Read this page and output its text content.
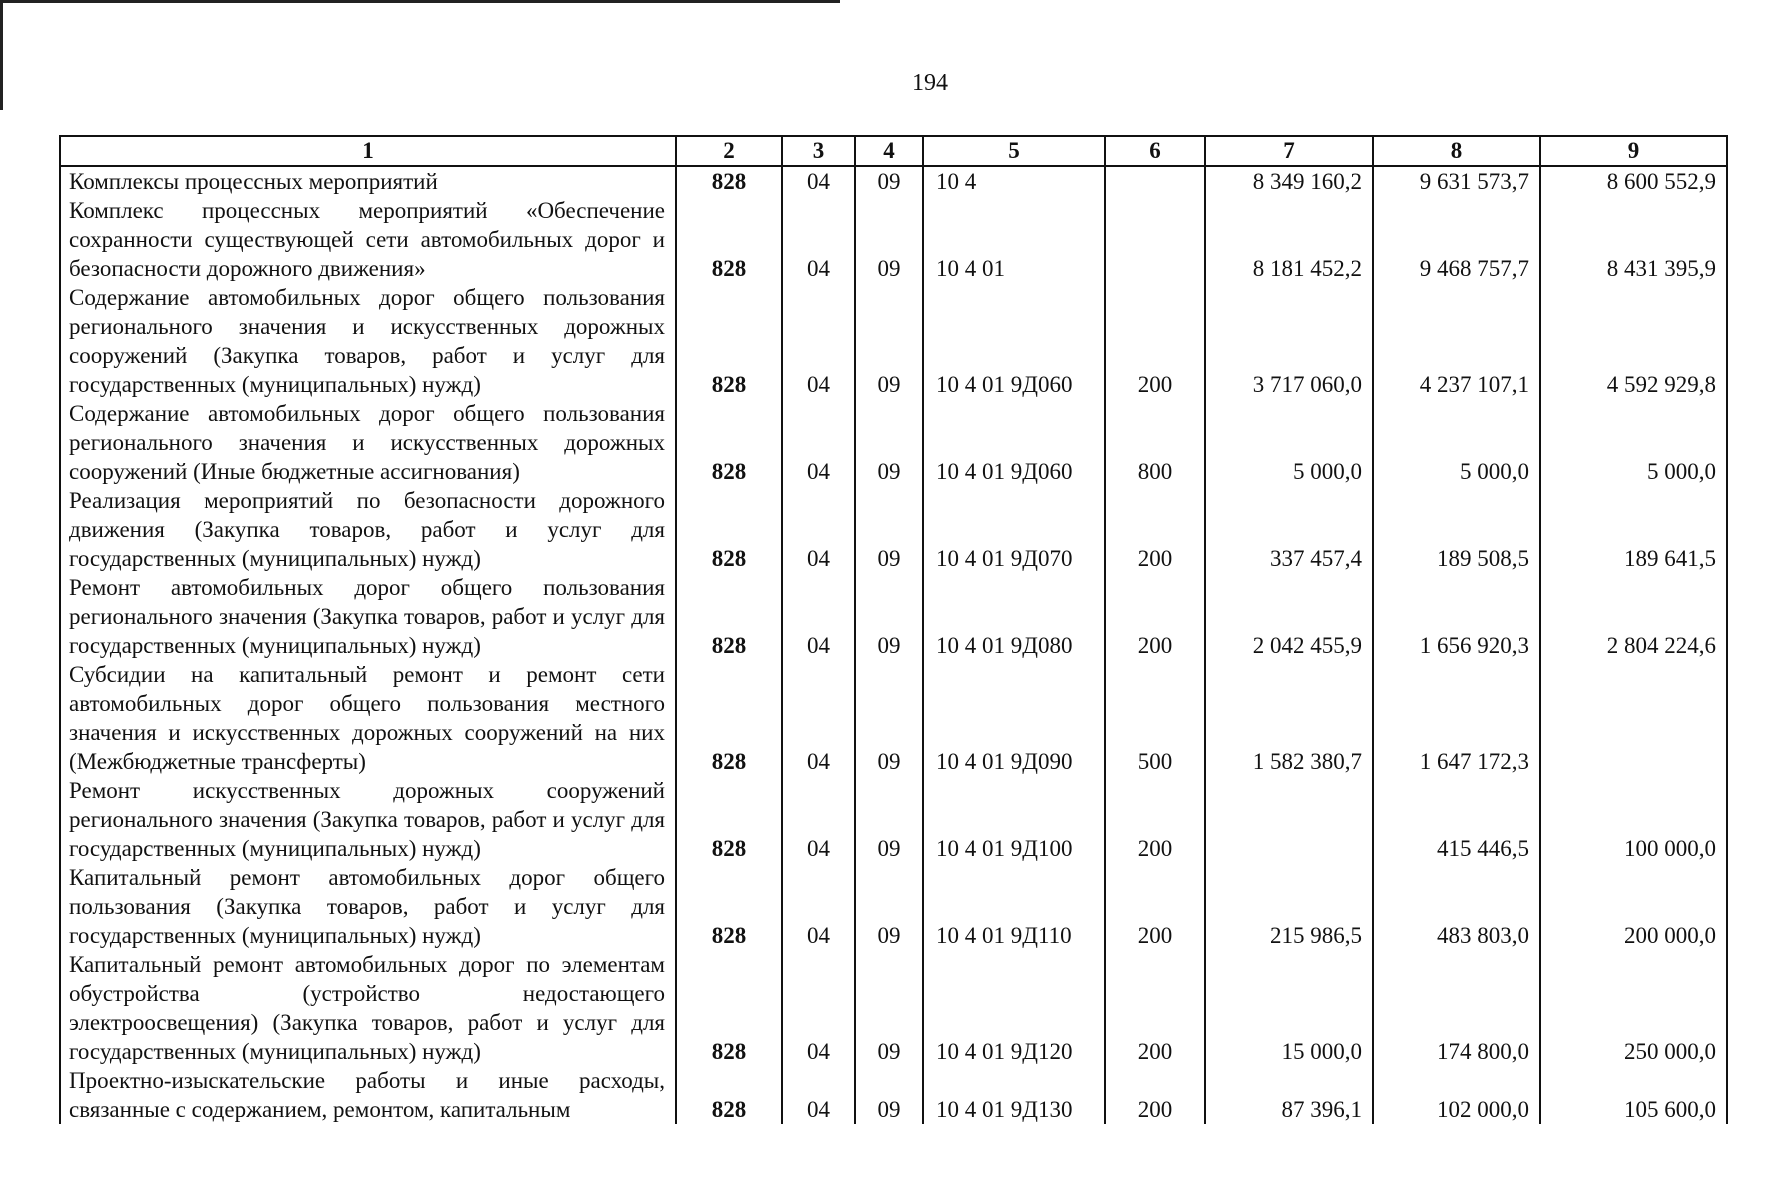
194
1	2	3	4	5	6	7	8	9
Комплексы процессных мероприятий	828	04	09	10 4		8 349 160,2	9 631 573,7	8 600 552,9
Комплекс процессных мероприятий «Обеспечение сохранности существующей сети автомобильных дорог и безопасности дорожного движения»	828	04	09	10 4 01		8 181 452,2	9 468 757,7	8 431 395,9
Содержание автомобильных дорог общего пользования регионального значения и искусственных дорожных сооружений (Закупка товаров, работ и услуг для государственных (муниципальных) нужд)	828	04	09	10 4 01 9Д060	200	3 717 060,0	4 237 107,1	4 592 929,8
Содержание автомобильных дорог общего пользования регионального значения и искусственных дорожных сооружений (Иные бюджетные ассигнования)	828	04	09	10 4 01 9Д060	800	5 000,0	5 000,0	5 000,0
Реализация мероприятий по безопасности дорожного движения (Закупка товаров, работ и услуг для государственных (муниципальных) нужд)	828	04	09	10 4 01 9Д070	200	337 457,4	189 508,5	189 641,5
Ремонт автомобильных дорог общего пользования регионального значения (Закупка товаров, работ и услуг для государственных (муниципальных) нужд)	828	04	09	10 4 01 9Д080	200	2 042 455,9	1 656 920,3	2 804 224,6
Субсидии на капитальный ремонт и ремонт сети автомобильных дорог общего пользования местного значения и искусственных дорожных сооружений на них (Межбюджетные трансферты)	828	04	09	10 4 01 9Д090	500	1 582 380,7	1 647 172,3	
Ремонт искусственных дорожных сооружений регионального значения (Закупка товаров, работ и услуг для государственных (муниципальных) нужд)	828	04	09	10 4 01 9Д100	200		415 446,5	100 000,0
Капитальный ремонт автомобильных дорог общего пользования (Закупка товаров, работ и услуг для государственных (муниципальных) нужд)	828	04	09	10 4 01 9Д110	200	215 986,5	483 803,0	200 000,0
Капитальный ремонт автомобильных дорог по элементам обустройства (устройство недостающего электроосвещения) (Закупка товаров, работ и услуг для государственных (муниципальных) нужд)	828	04	09	10 4 01 9Д120	200	15 000,0	174 800,0	250 000,0
Проектно-изыскательские работы и иные расходы, связанные с содержанием, ремонтом, капитальным	828	04	09	10 4 01 9Д130	200	87 396,1	102 000,0	105 600,0
